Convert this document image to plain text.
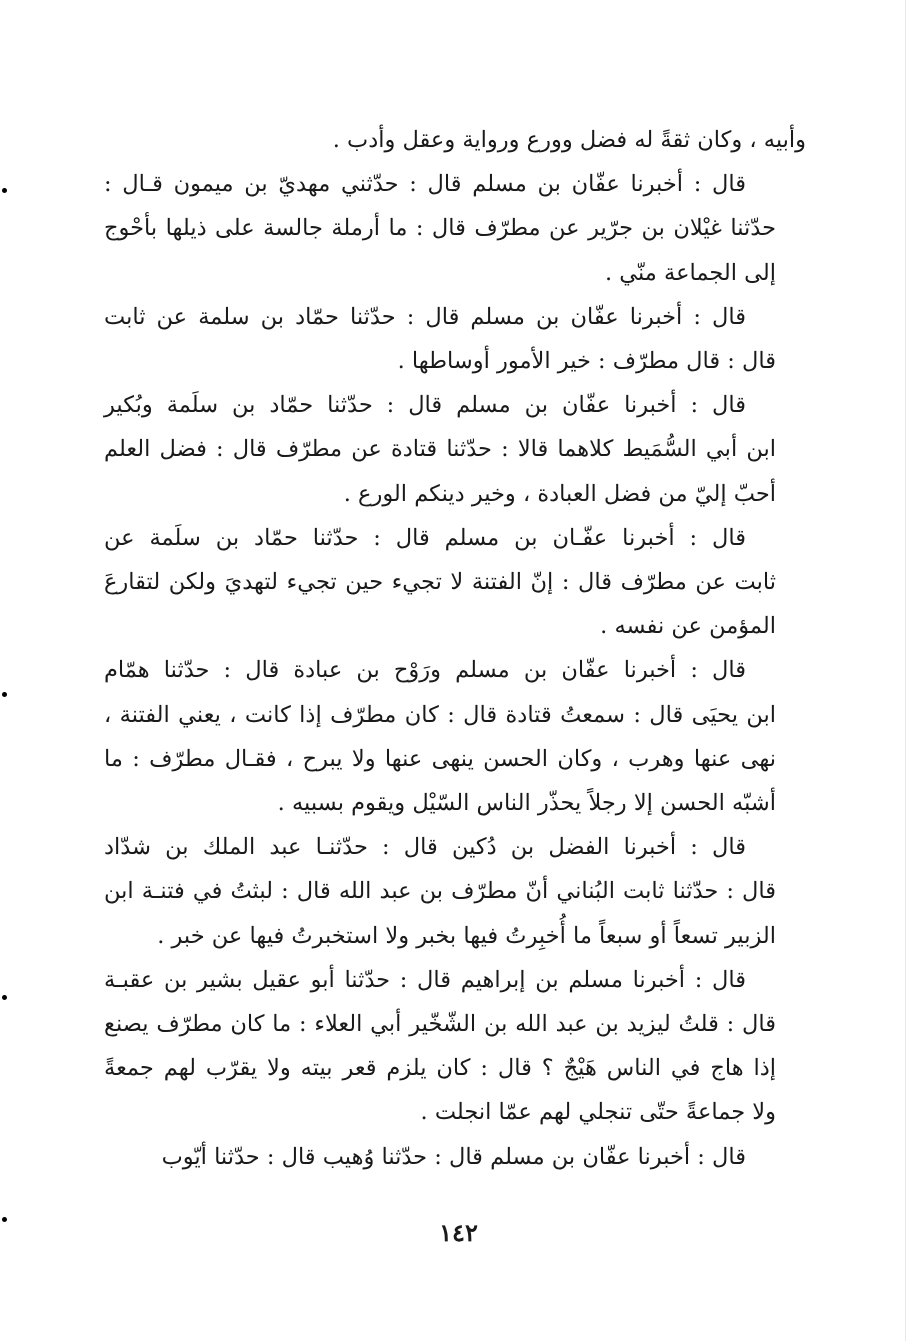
وأبيه ، وكان ثقةً له فضل وورع ورواية وعقل وأدب .
قال : أخبرنا عفّان بن مسلم قال : حدّثني مهديّ بن ميمون قـال :
حدّثنا غيْلان بن جرّير عن مطرّف قال : ما أرملة جالسة على ذيلها بأحْوج
إلى الجماعة منّي .
قال : أخبرنا عفّان بن مسلم قال : حدّثنا حمّاد بن سلمة عن ثابت
قال : قال مطرّف : خير الأمور أوساطها .
قال : أخبرنا عفّان بن مسلم قال : حدّثنا حمّاد بن سلَمة وبُكير
ابن أبي السُّمَيط كلاهما قالا : حدّثنا قتادة عن مطرّف قال : فضل العلم
أحبّ إليّ من فضل العبادة ، وخير دينكم الورع .
قال : أخبرنا عفّـان بن مسلم قال : حدّثنا حمّاد بن سلَمة عن
ثابت عن مطرّف قال : إنّ الفتنة لا تجيء حين تجيء لتهديَ ولكن لتقارعَ
المؤمن عن نفسه .
قال : أخبرنا عفّان بن مسلم ورَوْح بن عبادة قال : حدّثنا همّام
ابن يحيَى قال : سمعتُ قتادة قال : كان مطرّف إذا كانت ، يعني الفتنة ،
نهى عنها وهرب ، وكان الحسن ينهى عنها ولا يبرح ، فقـال مطرّف : ما
أشبّه الحسن إلا رجلاً يحذّر الناس السّيْل ويقوم بسبيه .
قال : أخبرنا الفضل بن دُكين قال : حدّثنـا عبد الملك بن شدّاد
قال : حدّثنا ثابت البُناني أنّ مطرّف بن عبد الله قال : لبثتُ في فتنـة ابن
الزبير تسعاً أو سبعاً ما أُخبِرتُ فيها بخبر ولا استخبرتُ فيها عن خبر .
قال : أخبرنا مسلم بن إبراهيم قال : حدّثنا أبو عقيل بشير بن عقبـة
قال : قلتُ ليزيد بن عبد الله بن الشّخّير أبي العلاء : ما كان مطرّف يصنع
إذا هاج في الناس هَيْجٌ ؟ قال : كان يلزم قعر بيته ولا يقرّب لهم جمعةً
ولا جماعةً حتّى تنجلي لهم عمّا انجلت .
قال : أخبرنا عفّان بن مسلم قال : حدّثنا وُهيب قال : حدّثنا أيّوب
١٤٢
